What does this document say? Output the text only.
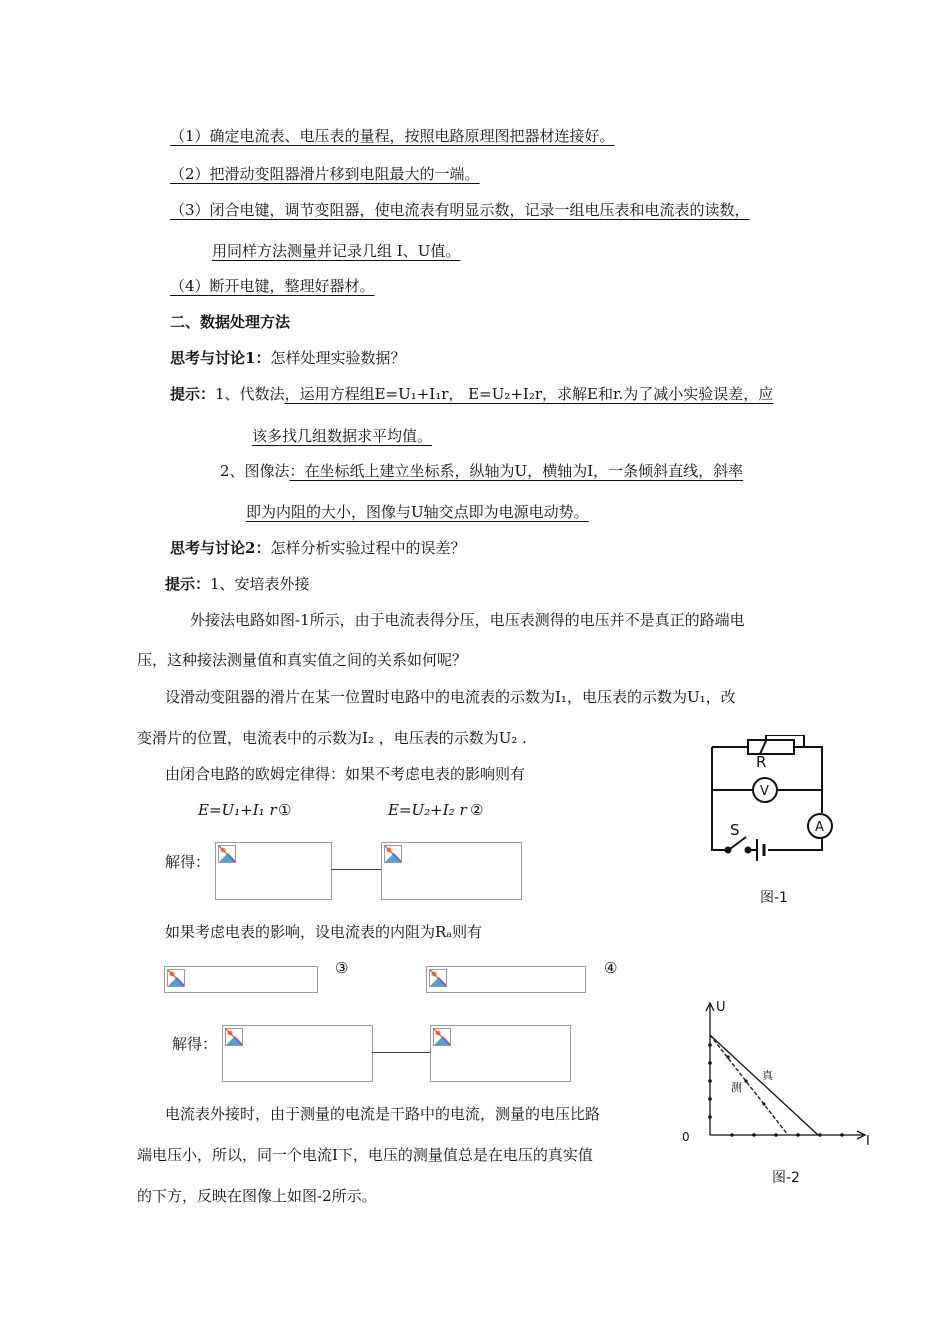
（1）确定电流表、电压表的量程，按照电路原理图把器材连接好。
（2）把滑动变阻器滑片移到电阻最大的一端。
（3）闭合电键，调节变阻器，使电流表有明显示数，记录一组电压表和电流表的读数，
用同样方法测量并记录几组 I、U值。
（4）断开电键，整理好器材。
二、数据处理方法
思考与讨论1：怎样处理实验数据？
提示：1、代数法，运用方程组E=U₁+I₁r， E=U₂+I₂r，求解E和r.为了减小实验误差，应
该多找几组数据求平均值。
2、图像法：在坐标纸上建立坐标系，纵轴为U，横轴为I，一条倾斜直线，斜率
即为内阻的大小，图像与U轴交点即为电源电动势。
思考与讨论2：怎样分析实验过程中的误差？
提示：1、安培表外接
外接法电路如图-1所示，由于电流表得分压，电压表测得的电压并不是真正的路端电
压，这种接法测量值和真实值之间的关系如何呢？
设滑动变阻器的滑片在某一位置时电路中的电流表的示数为I₁，电压表的示数为U₁，改
变滑片的位置，电流表中的示数为I₂ ，电压表的示数为U₂ .
由闭合电路的欧姆定律得：如果不考虑电表的影响则有
E=U₁+I₁ r ①	E=U₂+I₂ r ②
解得：
如果考虑电表的影响，设电流表的内阻为Rₐ则有
③	④
解得：
电流表外接时，由于测量的电流是干路中的电流，测量的电压比路
端电压小，所以，同一个电流I下，电压的测量值总是在电压的真实值
的下方，反映在图像上如图-2所示。
R
V
A
S
图-1
U
I
0
测
真
图-2
